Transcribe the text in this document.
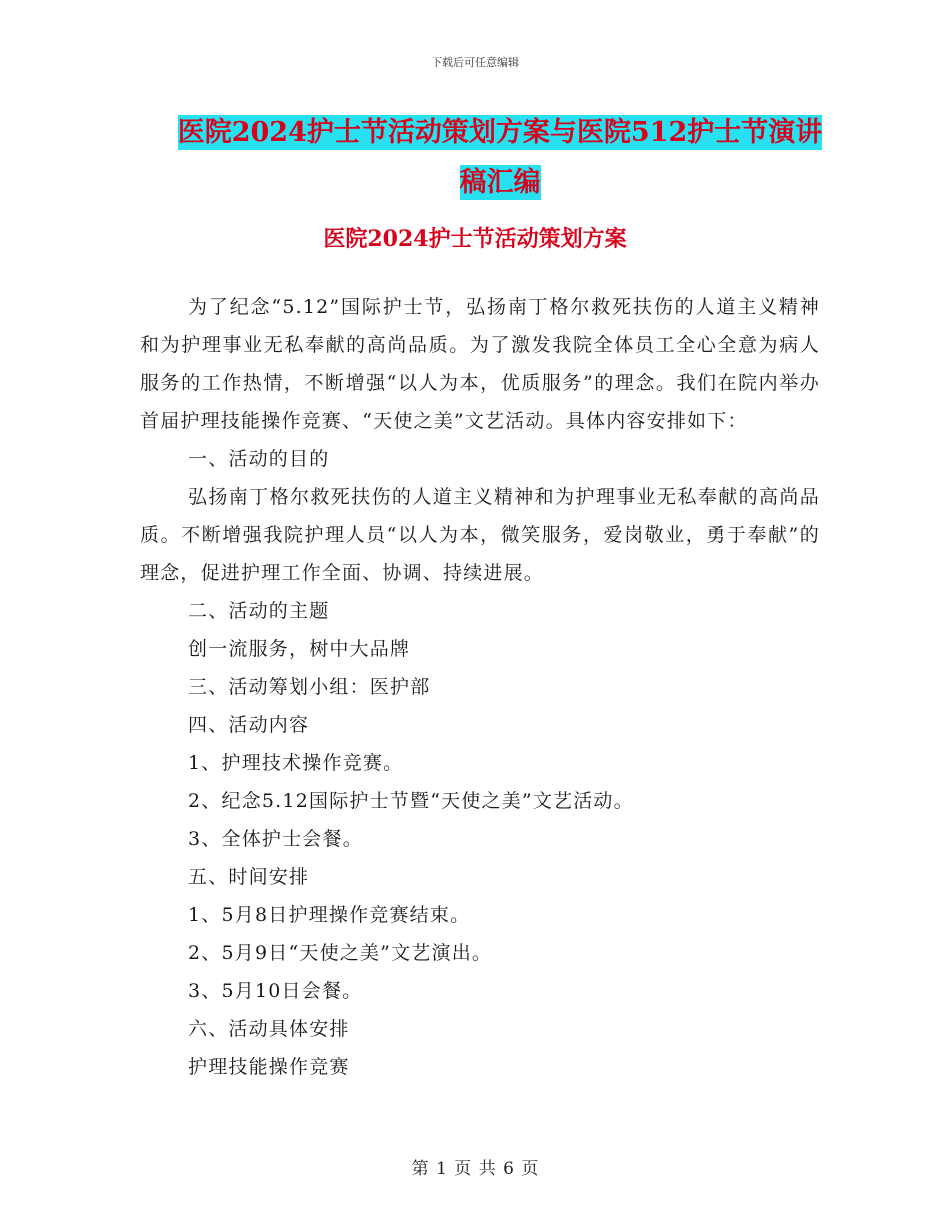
下载后可任意编辑
医院2024护士节活动策划方案与医院512护士节演讲
稿汇编
医院2024护士节活动策划方案

为了纪念“5.12”国际护士节，弘扬南丁格尔救死扶伤的人道主义精神和为护理事业无私奉献的高尚品质。为了激发我院全体员工全心全意为病人服务的工作热情，不断增强“以人为本，优质服务”的理念。我们在院内举办首届护理技能操作竞赛、“天使之美”文艺活动。具体内容安排如下：

一、活动的目的

弘扬南丁格尔救死扶伤的人道主义精神和为护理事业无私奉献的高尚品质。不断增强我院护理人员“以人为本，微笑服务，爱岗敬业，勇于奉献”的理念，促进护理工作全面、协调、持续进展。

二、活动的主题
创一流服务，树中大品牌
三、活动筹划小组：医护部
四、活动内容
1、护理技术操作竞赛。
2、纪念5.12国际护士节暨“天使之美”文艺活动。
3、全体护士会餐。
五、时间安排
1、5月8日护理操作竞赛结束。
2、5月9日“天使之美”文艺演出。
3、5月10日会餐。
六、活动具体安排
护理技能操作竞赛
第 1 页 共 6 页
